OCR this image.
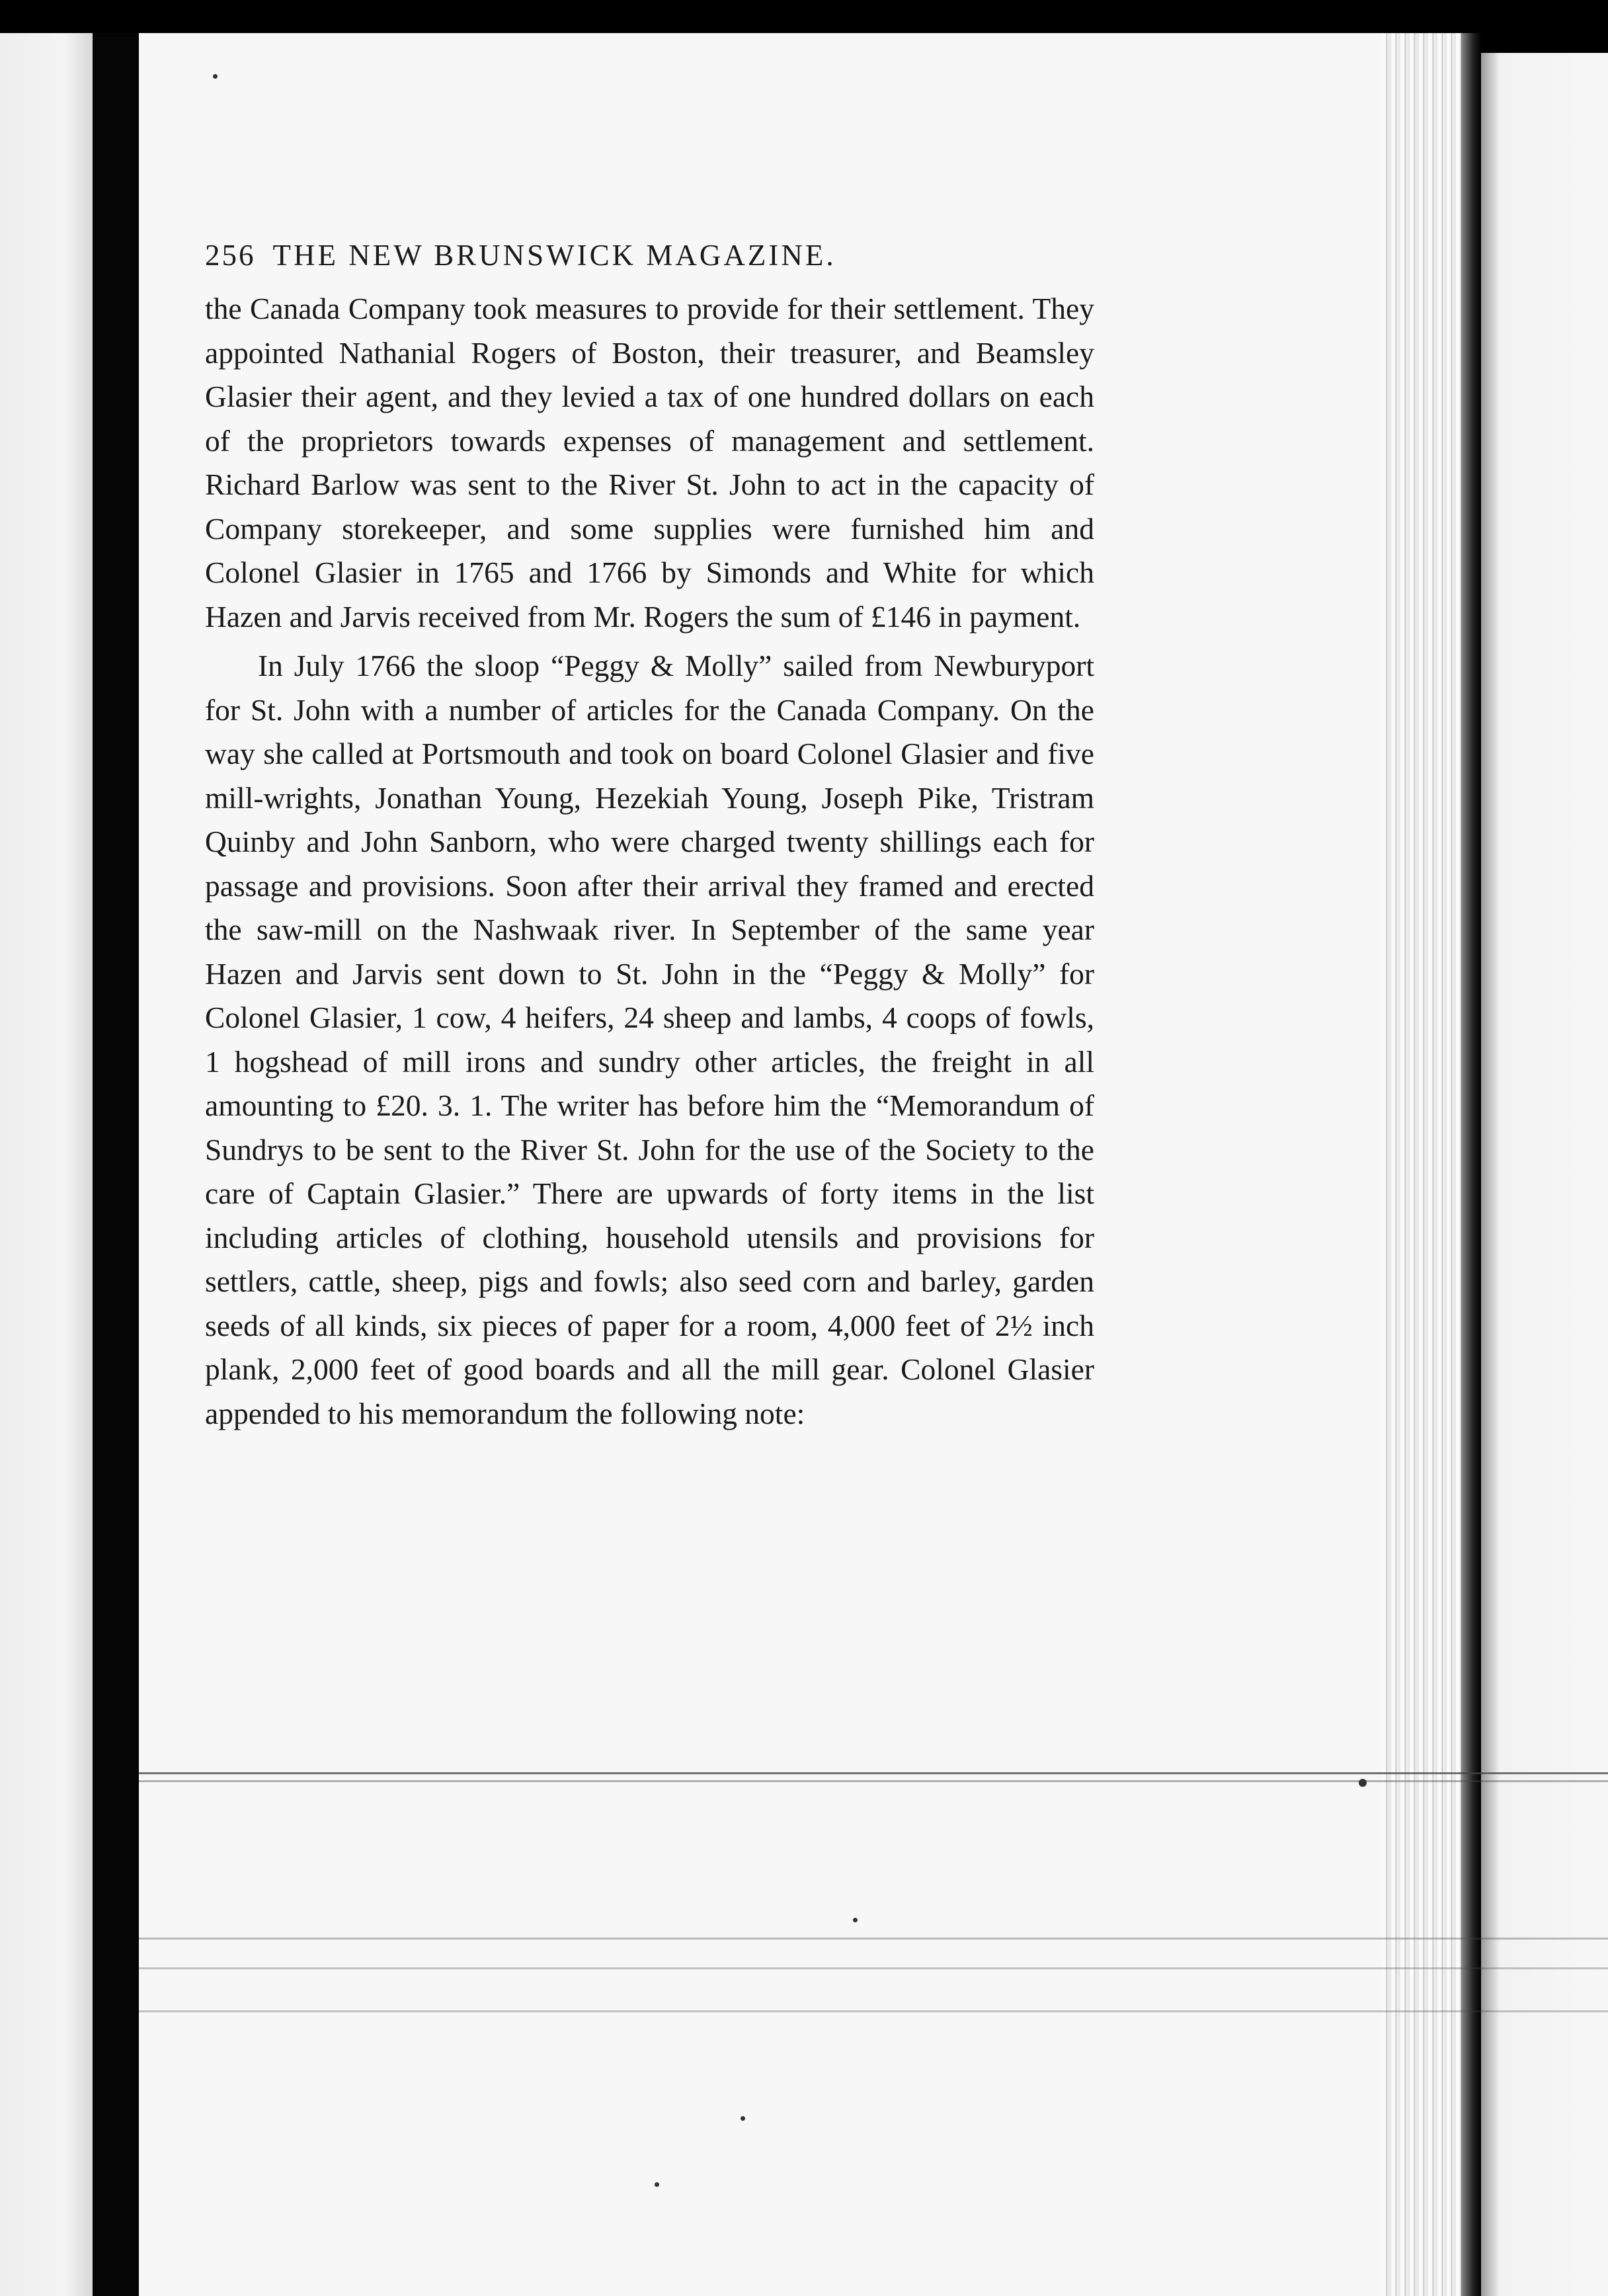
256 THE NEW BRUNSWICK MAGAZINE.

the Canada Company took measures to provide for their settlement. They appointed Nathanial Rogers of Boston, their treasurer, and Beamsley Glasier their agent, and they levied a tax of one hundred dollars on each of the proprietors towards expenses of management and settlement. Richard Barlow was sent to the River St. John to act in the capacity of Company storekeeper, and some supplies were furnished him and Colonel Glasier in 1765 and 1766 by Simonds and White for which Hazen and Jarvis received from Mr. Rogers the sum of £146 in payment.

In July 1766 the sloop “Peggy & Molly” sailed from Newburyport for St. John with a number of articles for the Canada Company. On the way she called at Portsmouth and took on board Colonel Glasier and five mill-wrights, Jonathan Young, Hezekiah Young, Joseph Pike, Tristram Quinby and John Sanborn, who were charged twenty shillings each for passage and provisions. Soon after their arrival they framed and erected the saw-mill on the Nashwaak river. In September of the same year Hazen and Jarvis sent down to St. John in the “Peggy & Molly” for Colonel Glasier, 1 cow, 4 heifers, 24 sheep and lambs, 4 coops of fowls, 1 hogshead of mill irons and sundry other articles, the freight in all amounting to £20. 3. 1. The writer has before him the “Memorandum of Sundrys to be sent to the River St. John for the use of the Society to the care of Captain Glasier.” There are upwards of forty items in the list including articles of clothing, household utensils and provisions for settlers, cattle, sheep, pigs and fowls; also seed corn and barley, garden seeds of all kinds, six pieces of paper for a room, 4,000 feet of 2½ inch plank, 2,000 feet of good boards and all the mill gear. Colonel Glasier appended to his memorandum the following note:
